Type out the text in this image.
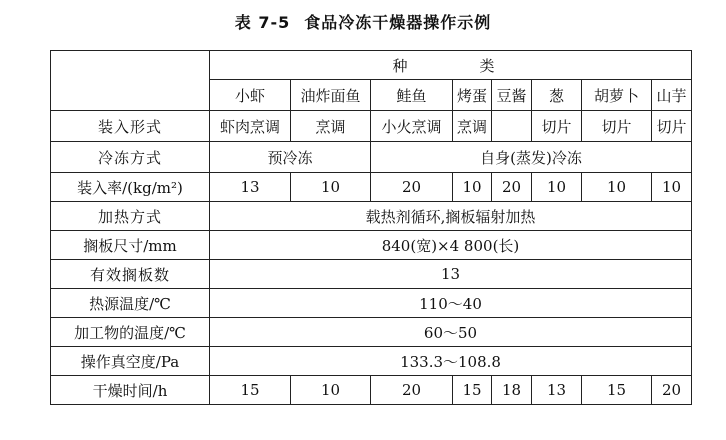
表 7-5 食品冷冻干燥器操作示例
	种　　类							
	小虾	油炸面鱼	鲑鱼	烤蛋	豆酱	葱	胡萝卜	山芋
装入形式	虾肉烹调	烹调	小火烹调	烹调		切片	切片	切片
冷冻方式	预冷冻		自身(蒸发)冷冻					
装入率/(kg/m²)	13	10	20	10	20	10	10	10
加热方式	载热剂循环,搁板辐射加热							
搁板尺寸/mm	840(宽)×4 800(长)							
有效搁板数	13							
热源温度/℃	110～40							
加工物的温度/℃	60～50							
操作真空度/Pa	133.3～108.8							
干燥时间/h	15	10	20	15	18	13	15	20
